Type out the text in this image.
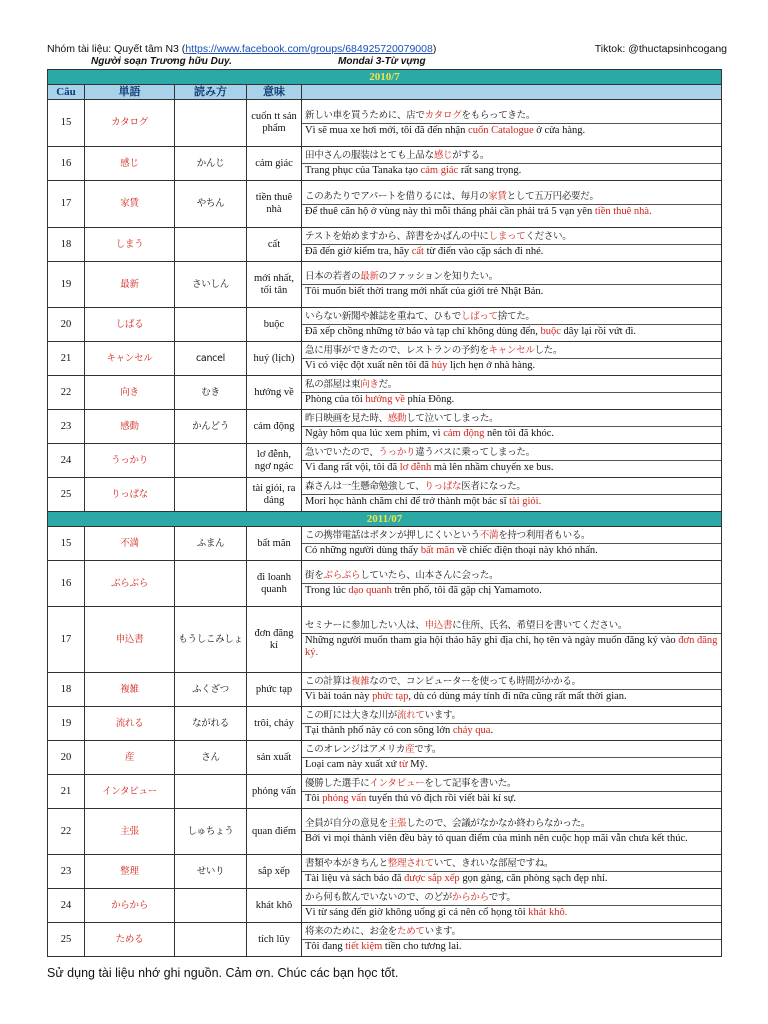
Nhóm tài liệu: Quyết tâm N3 (https://www.facebook.com/groups/684925720079008)	Tiktok: @thuctapsinhcogang
Người soạn Trương hữu Duy.	Mondai 3-Từ vựng
2010/7				
Câu	単語	読み方	意味	
15	カタログ		cuốn tt sản phẩm	新しい車を買うために、店でカタログをもらってきた。
Vì sẽ mua xe hơi mới, tôi đã đến nhận cuốn Catalogue ở cửa hàng.

16	感じ	かんじ	cảm giác	田中さんの服装はとても上品な感じがする。
Trang phục của Tanaka tạo cảm giác rất sang trọng.

17	家賃	やちん	tiền thuê nhà	このあたりでアパートを借りるには、毎月の家賃として五万円必要だ。
Để thuê căn hộ ở vùng này thì mỗi tháng phải cần phải trả 5 vạn yên tiền thuê nhà.

18	しまう		cất	テストを始めますから、辞書をかばんの中にしまってください。
Đã đến giờ kiểm tra, hãy cất từ điển vào cặp sách đi nhé.

19	最新	さいしん	mới nhất, tối tân	日本の若者の最新のファッションを知りたい。
Tôi muốn biết thời trang mới nhất của giới trẻ Nhật Bản.

20	しばる		buộc	いらない新聞や雑誌を重ねて、ひもでしばって捨てた。
Đã xếp chồng những tờ báo và tạp chí không dùng đến, buộc dây lại rồi vứt đi.

21	キャンセル	cancel	huỷ (lịch)	急に用事ができたので、レストランの予約をキャンセルした。
Vì có việc đột xuất nên tôi đã hủy lịch hẹn ở nhà hàng.

22	向き	むき	hướng về	私の部屋は東向きだ。
Phòng của tôi hướng về phía Đông.

23	感動	かんどう	cảm động	昨日映画を見た時、感動して泣いてしまった。
Ngày hôm qua lúc xem phim, vì cảm động nên tôi đã khóc.

24	うっかり		lơ đễnh, ngơ ngác	急いでいたので、うっかり違うバスに乗ってしまった。
Vì đang rất vội, tôi đã lơ đễnh mà lên nhầm chuyến xe bus.

25	りっぱな		tài giỏi, ra dáng	森さんは一生懸命勉強して、りっぱな医者になった。
Mori học hành chăm chỉ để trở thành một bác sĩ tài giỏi.

2011/07				
15	不満	ふまん	bất mãn	この携帯電話はボタンが押しにくいという不満を持つ利用者もいる。
Có những người dùng thấy bất mãn về chiếc điện thoại này khó nhấn.

16	ぶらぶら		đi loanh quanh	街をぶらぶらしていたら、山本さんに会った。
Trong lúc dạo quanh trên phố, tôi đã gặp chị Yamamoto.

17	申込書	もうしこみしょ	đơn đăng kí	セミナーに参加したい人は、申込書に住所、氏名、希望日を書いてください。
Những người muốn tham gia hội thảo hãy ghi địa chỉ, họ tên và ngày muốn đăng ký vào đơn đăng ký.

18	複雑	ふくざつ	phức tạp	この計算は複雑なので、コンピューターを使っても時間がかかる。
Vì bài toán này phức tạp, dù có dùng máy tính đi nữa cũng rất mất thời gian.

19	流れる	ながれる	trôi, chảy	この町には大きな川が流れています。
Tại thành phố này có con sông lớn chảy qua.

20	産	さん	sản xuất	このオレンジはアメリカ産です。
Loại cam này xuất xứ từ Mỹ.

21	インタビュー		phỏng vấn	優勝した選手にインタビューをして記事を書いた。
Tôi phỏng vấn tuyển thủ vô địch rồi viết bài kí sự.

22	主張	しゅちょう	quan điểm	全員が自分の意見を主張したので、会議がなかなか終わらなかった。
Bởi vì mọi thành viên đều bày tỏ quan điểm của mình nên cuộc họp mãi vẫn chưa kết thúc.

23	整理	せいり	sắp xếp	書類や本がきちんと整理されていて、きれいな部屋ですね。
Tài liệu và sách báo đã được sắp xếp gọn gàng, căn phòng sạch đẹp nhỉ.

24	からから		khát khô	から何も飲んでいないので、のどがからからです。
Vì từ sáng đến giờ không uống gì cả nên cổ họng tôi khát khô.

25	ためる		tích lũy	将来のために、お金をためています。
Tôi đang tiết kiệm tiền cho tương lai.
Sử dụng tài liệu nhớ ghi nguồn. Cảm ơn. Chúc các bạn học tốt.
